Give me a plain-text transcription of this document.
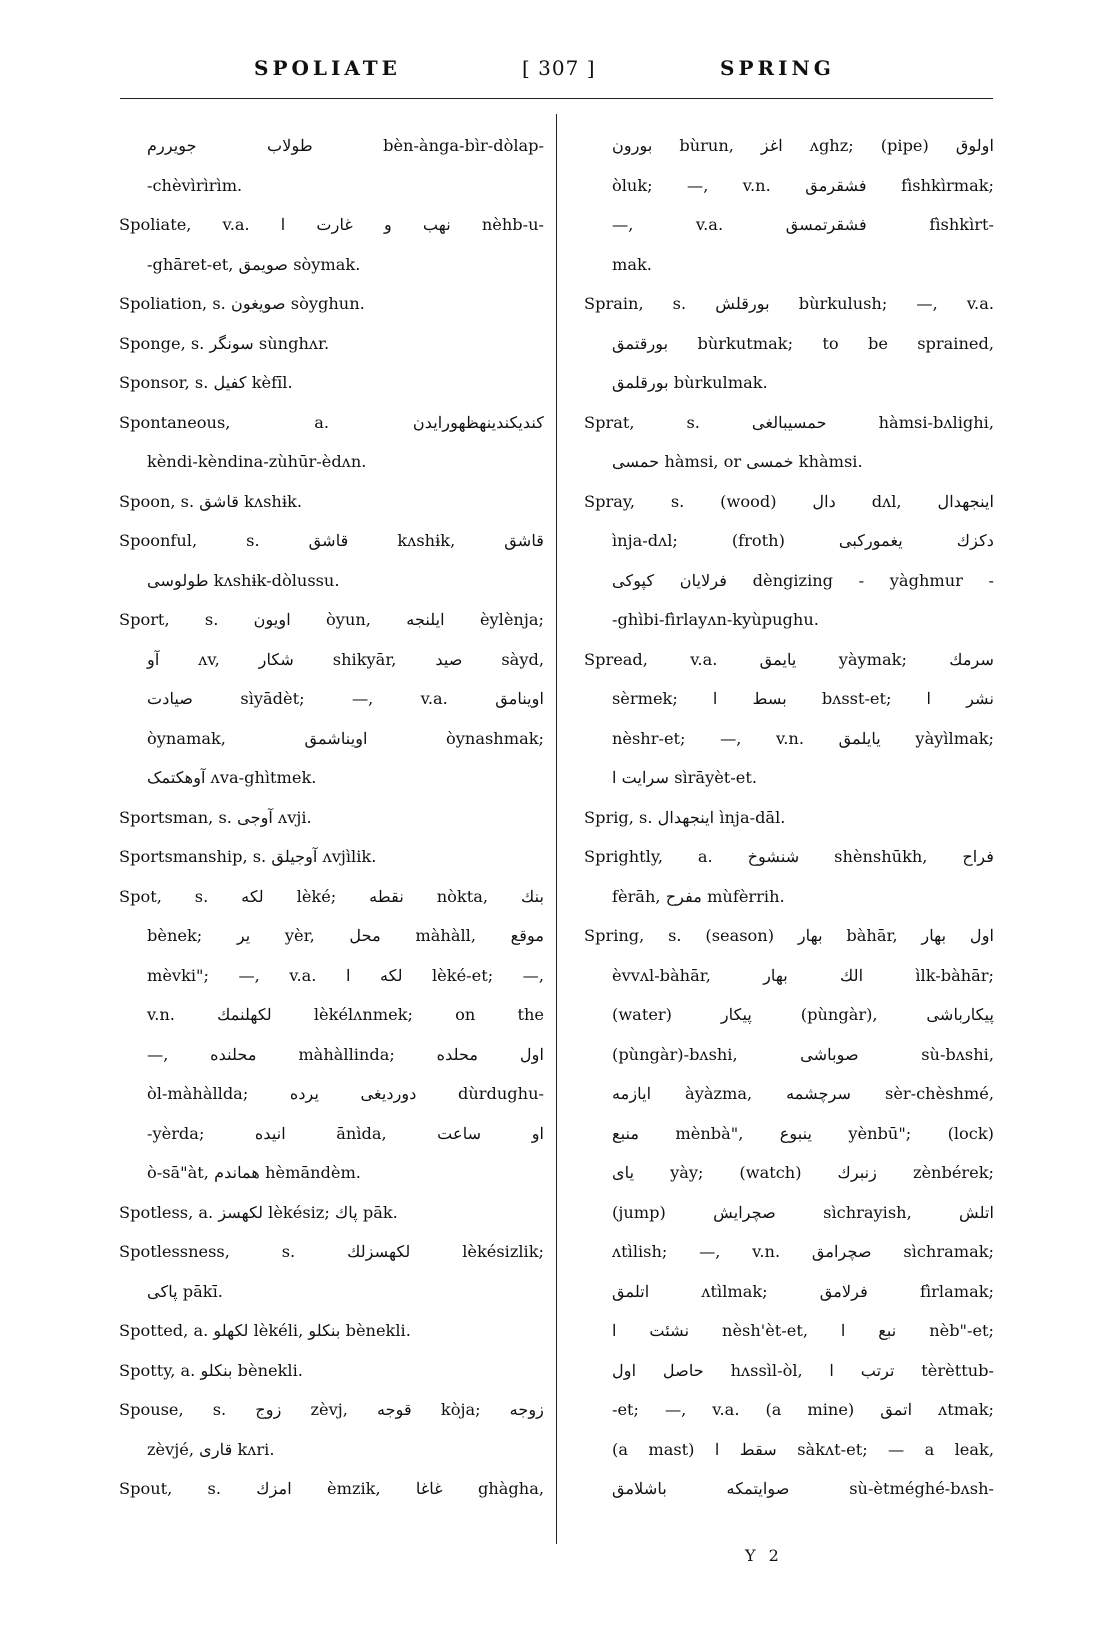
SPOLIATE	[ 307 ]	SPRING
طولاب جویررم bèn-ànga-bìr-dòlap-
-chèvìrìrìm.
Spoliate, v.a. نهب و غارت ا nèhb-u-
-ghāret-et, صویمق sòymak.
Spoliation, s. صویغون sòyghun.
Sponge, s. سونگر sùnghʌr.
Sponsor, s. کفیل kèfīl.
Spontaneous, a. کندیکندینهظهورایدن
kèndi-kèndina-zùhūr-èdʌn.
Spoon, s. قاشق kʌshɨk.
Spoonful, s. قاشق kʌshɨk, قاشق
طولوسی kʌshɨk-dòlussu.
Sport, s. اویون òyun, ایلنجه èylènja;
آو ʌv, شکار shikyār, صید sàyd,
صیادت sìyādèt; —, v.a. اوینامق
òynamak, اویناشمق òynashmak;
آوهکتمک ʌva-ghìtmek.
Sportsman, s. آوجی ʌvji.
Sportsmanship, s. آوجیلق ʌvjìlik.
Spot, s. لکه lèké; نقطه nòkta, بنك
bènek; یر yèr, محل màhàll, موقع
mèvki"; —, v.a. لکه ا lèké-et; —,
v.n. لکهلنمك lèkélʌnmek; on the
—, محلنده màhàllinda; اول محلده
òl-màhàllda; دوردیغی یرده dùrdughu-
-yèrda; انیده ānìda, او ساعت
ò-sā"àt, هماندم hèmāndèm.
Spotless, a. لکهسز lèkésiz; پاك pāk.
Spotlessness, s. لکهسزلك lèkésizlik;
پاکی pākī.
Spotted, a. لکهلو lèkéli, بنکلو bènekli.
Spotty, a. بنکلو bènekli.
Spouse, s. زوج zèvj, قوجه kòja; زوجه
zèvjé, قاری kʌri.
Spout, s. امزك èmzik, غاغا ghàgha,
بورون bùrun, اغز ʌghz; (pipe) اولوق
òluk; —, v.n. فشقرمق fìshkìrmak;
—, v.a. فشقرتمسق fìshkìrt-
mak.
Sprain, s. بورقلش bùrkulush; —, v.a.
بورقتمق bùrkutmak; to be sprained,
بورقلمق bùrkulmak.
Sprat, s. حمسیبالغی hàmsi-bʌlighi,
حمسی hàmsi, or خمسی khàmsi.
Spray, s. (wood) دال dʌl, اینجهدال
ìnja-dʌl; (froth) دکزك یغمورکبی
فرلایان کپوکی dèngizing - yàghmur -
-ghìbi-fìrlayʌn-kyùpughu.
Spread, v.a. یایمق yàymak; سرمك
sèrmek; بسط ا bʌsst-et; نشر ا
nèshr-et; —, v.n. یایلمق yàyìlmak;
سرایت ا sìrāyèt-et.
Sprig, s. اینجهدال ìnja-dāl.
Sprightly, a. شنشوخ shènshūkh, فراح
fèrāh, مفرح mùfèrrih.
Spring, s. (season) بهار bàhār, اول بهار
èvvʌl-bàhār, الك بهار ìlk-bàhār;
(water) پیکار (pùngàr), پیکارباشی
(pùngàr)-bʌshi, صوباشی sù-bʌshi,
ایازمه àyàzma, سرچشمه sèr-chèshmé,
منبع mènbà", ینبوع yènbū"; (lock)
یای yày; (watch) زنبرك zènbérek;
(jump) صچرایش sìchrayish, اتلش
ʌtìlish; —, v.n. صچرامق sìchramak;
اتلمق ʌtìlmak; فرلامق fìrlamak;
نشئت ا nèsh'èt-et, نبع ا nèb"-et;
حاصل اول hʌssìl-òl, ترتب ا tèrèttub-
-et; —, v.a. (a mine) اتمق ʌtmak;
(a mast) سقط ا sàkʌt-et; — a leak,
صوایتمکه باشلامق sù-ètméghé-bʌsh-
Y 2
